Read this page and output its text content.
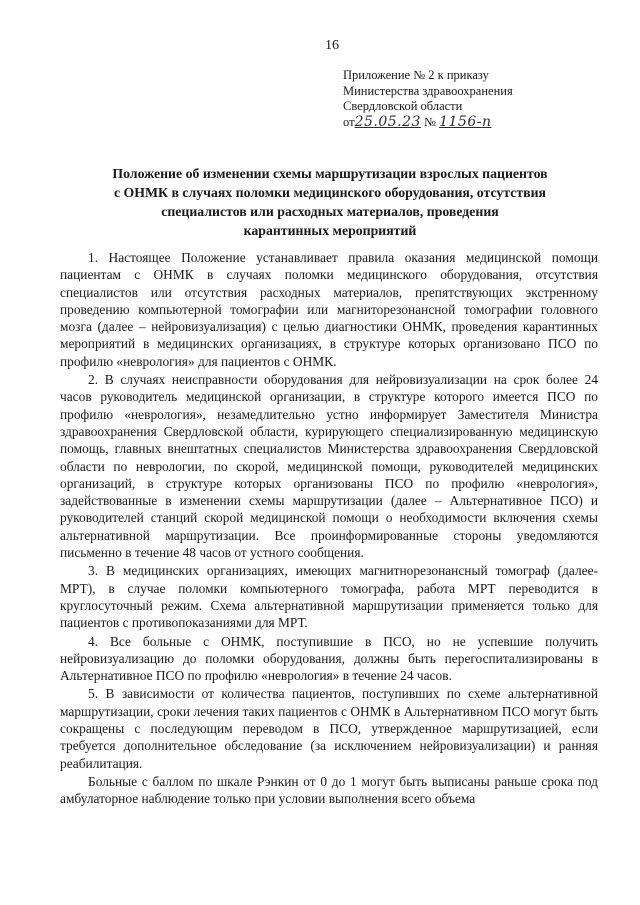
16
Приложение № 2 к приказу
Министерства здравоохранения
Свердловской области
от25.05.23 № 1156-п
Положение об изменении схемы маршрутизации взрослых пациентов
с ОНМК в случаях поломки медицинского оборудования, отсутствия
специалистов или расходных материалов, проведения
карантинных мероприятий

1. Настоящее Положение устанавливает правила оказания медицинской помощи пациентам с ОНМК в случаях поломки медицинского оборудования, отсутствия специалистов или отсутствия расходных материалов, препятствующих экстренному проведению компьютерной томографии или магниторезонансной томографии головного мозга (далее – нейровизуализация) с целью диагностики ОНМК, проведения карантинных мероприятий в медицинских организациях, в структуре которых организовано ПСО по профилю «неврология» для пациентов с ОНМК.

2. В случаях неисправности оборудования для нейровизуализации на срок более 24 часов руководитель медицинской организации, в структуре которого имеется ПСО по профилю «неврология», незамедлительно устно информирует Заместителя Министра здравоохранения Свердловской области, курирующего специализированную медицинскую помощь, главных внештатных специалистов Министерства здравоохранения Свердловской области по неврологии, по скорой, медицинской помощи, руководителей медицинских организаций, в структуре которых организованы ПСО по профилю «неврология», задействованные в изменении схемы маршрутизации (далее – Альтернативное ПСО) и руководителей станций скорой медицинской помощи о необходимости включения схемы альтернативной маршрутизации. Все проинформированные стороны уведомляются письменно в течение 48 часов от устного сообщения.

3. В медицинских организациях, имеющих магнитнорезонансный томограф (далее-МРТ), в случае поломки компьютерного томографа, работа МРТ переводится в круглосуточный режим. Схема альтернативной маршрутизации применяется только для пациентов с противопоказаниями для МРТ.

4. Все больные с ОНМК, поступившие в ПСО, но не успевшие получить нейровизуализацию до поломки оборудования, должны быть перегоспитализированы в Альтернативное ПСО по профилю «неврология» в течение 24 часов.

5. В зависимости от количества пациентов, поступивших по схеме альтернативной маршрутизации, сроки лечения таких пациентов с ОНМК в Альтернативном ПСО могут быть сокращены с последующим переводом в ПСО, утвержденное маршрутизацией, если требуется дополнительное обследование (за исключением нейровизуализации) и ранняя реабилитация.

Больные с баллом по шкале Рэнкин от 0 до 1 могут быть выписаны раньше срока под амбулаторное наблюдение только при условии выполнения всего объема
